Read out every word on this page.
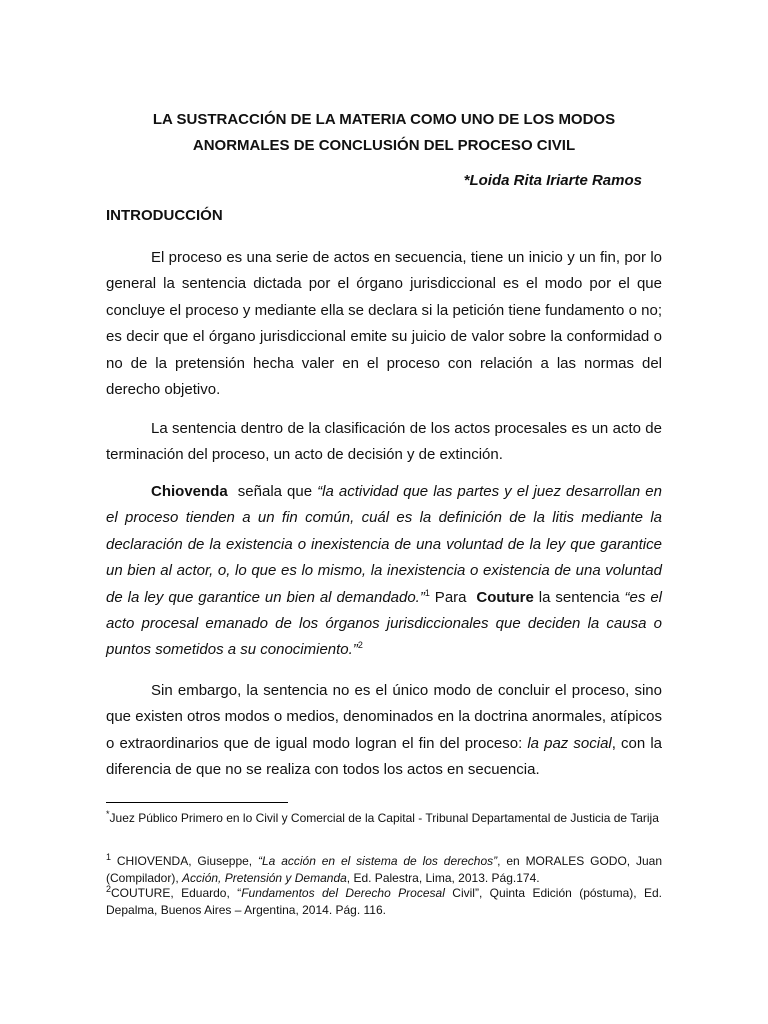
LA SUSTRACCIÓN DE LA MATERIA COMO UNO DE LOS MODOS
ANORMALES DE CONCLUSIÓN DEL PROCESO CIVIL
*Loida Rita Iriarte Ramos
INTRODUCCIÓN

El proceso es una serie de actos en secuencia, tiene un inicio y un fin, por lo general la sentencia dictada por el órgano jurisdiccional es el modo por el que concluye el proceso y mediante ella se declara si la petición tiene fundamento o no; es decir que el órgano jurisdiccional emite su juicio de valor sobre la conformidad o no de la pretensión hecha valer en el proceso con relación a las normas del derecho objetivo.

La sentencia dentro de la clasificación de los actos procesales es un acto de terminación del proceso, un acto de decisión y de extinción.

Chiovenda  señala que “la actividad que las partes y el juez desarrollan en el proceso tienden a un fin común, cuál es la definición de la litis mediante la declaración de la existencia o inexistencia de una voluntad de la ley que garantice un bien al actor, o, lo que es lo mismo, la inexistencia o existencia de una voluntad de la ley que garantice un bien al demandado.”$^1$ Para  Couture la sentencia “es el acto procesal emanado de los órganos jurisdiccionales que deciden la causa o puntos sometidos a su conocimiento.”$^2$

Sin embargo, la sentencia no es el único modo de concluir el proceso, sino que existen otros modos o medios, denominados en la doctrina anormales, atípicos o extraordinarios que de igual modo logran el fin del proceso: la paz social, con la diferencia de que no se realiza con todos los actos en secuencia.

*Juez Público Primero en lo Civil y Comercial de la Capital - Tribunal Departamental de Justicia de Tarija

$^1$ CHIOVENDA, Giuseppe, “La acción en el sistema de los derechos”, en MORALES GODO, Juan (Compilador), Acción, Pretensión y Demanda, Ed. Palestra, Lima, 2013. Pág.174.

$^2$COUTURE, Eduardo, “Fundamentos del Derecho Procesal Civil”, Quinta Edición (póstuma), Ed. Depalma, Buenos Aires – Argentina, 2014. Pág. 116.
